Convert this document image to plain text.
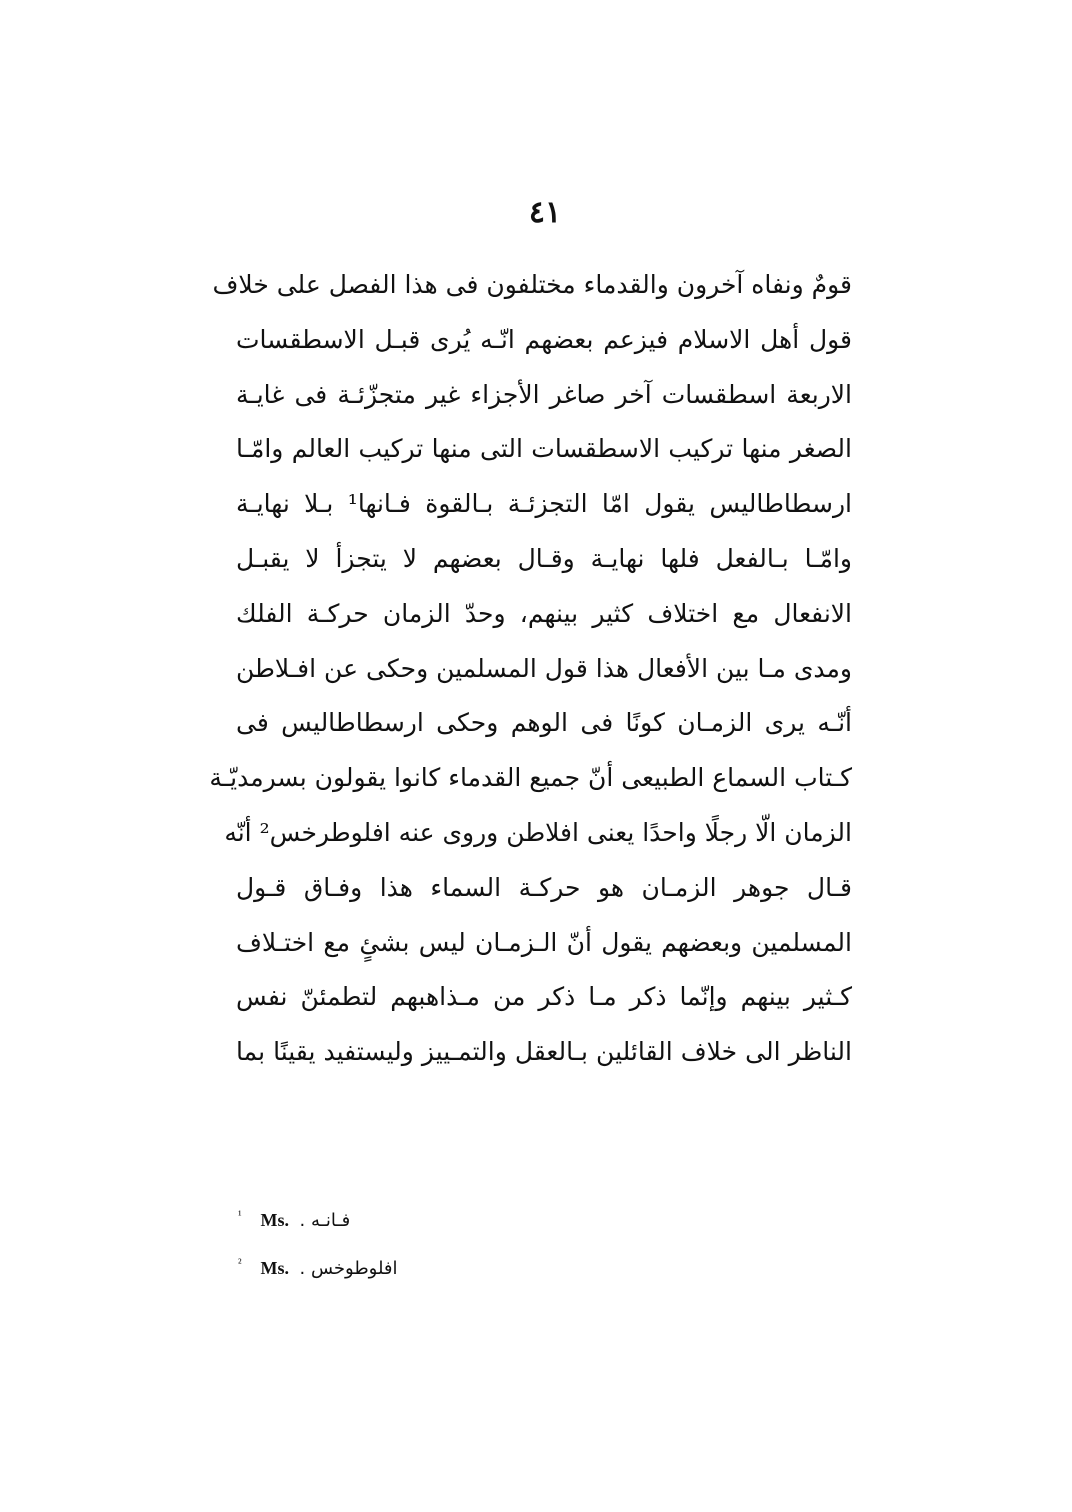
٤١
قومٌ ونفاه آخرون والقدماء مختلفون فى هذا الفصل على خلاف
قول أهل الاسلام فيزعم بعضهم انّـه يُرى قبـل الاسطقسات
الاربعة اسطقسات آخر صاغر الأجزاء غير متجزّئـة فى غايـة
الصغر منها تركيب الاسطقسات التى منها تركيب العالم وامّـا
ارسطاطاليس يقول امّا التجزئـة بـالقوة فـانها¹ بـلا نهايـة
وامّـا بـالفعل فلها نهايـة وقـال بعضهم لا يتجزأ لا يقبـل
الانفعال مع اختلاف كثير بينهم، وحدّ الزمان حركـة الفلك
ومدى مـا بين الأفعال هذا قول المسلمين وحكى عن افـلاطن
أنّـه يرى الزمـان كونًا فى الوهم وحكى ارسطاطاليس فى
كـتاب السماع الطبيعى أنّ جميع القدماء كانوا يقولون بسرمديّـة
الزمان الّا رجلًا واحدًا يعنى افلاطن وروى عنه افلوطرخس² أنّه
قـال جوهر الزمـان هو حركـة السماء هذا وفـاق قـول
المسلمين وبعضهم يقول أنّ الـزمـان ليس بشئٍ مع اختـلاف
كـثير بينهم وإنّما ذكر مـا ذكر من مـذاهبهم لتطمئنّ نفس
الناظر الى خلاف القائلين بـالعقل والتمـييز وليستفيد يقينًا بما
¹ Ms. فـانـه .
² Ms. افلوطوخس .
